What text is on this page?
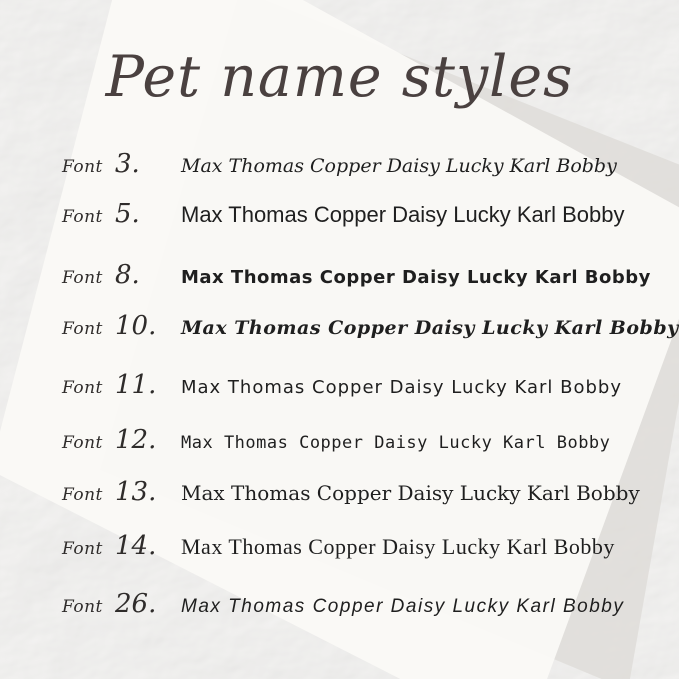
Pet name styles
Font 3.	Max Thomas Copper Daisy Lucky Karl Bobby
Font 5.	Max Thomas Copper Daisy Lucky Karl Bobby
Font 8.	Max Thomas Copper Daisy Lucky Karl Bobby
Font 10.	Max Thomas Copper Daisy Lucky Karl Bobby
Font 11.	Max Thomas Copper Daisy Lucky Karl Bobby
Font 12.	Max Thomas Copper Daisy Lucky Karl Bobby
Font 13.	Max Thomas Copper Daisy Lucky Karl Bobby
Font 14.	Max Thomas Copper Daisy Lucky Karl Bobby
Font 26.	Max Thomas Copper Daisy Lucky Karl Bobby
